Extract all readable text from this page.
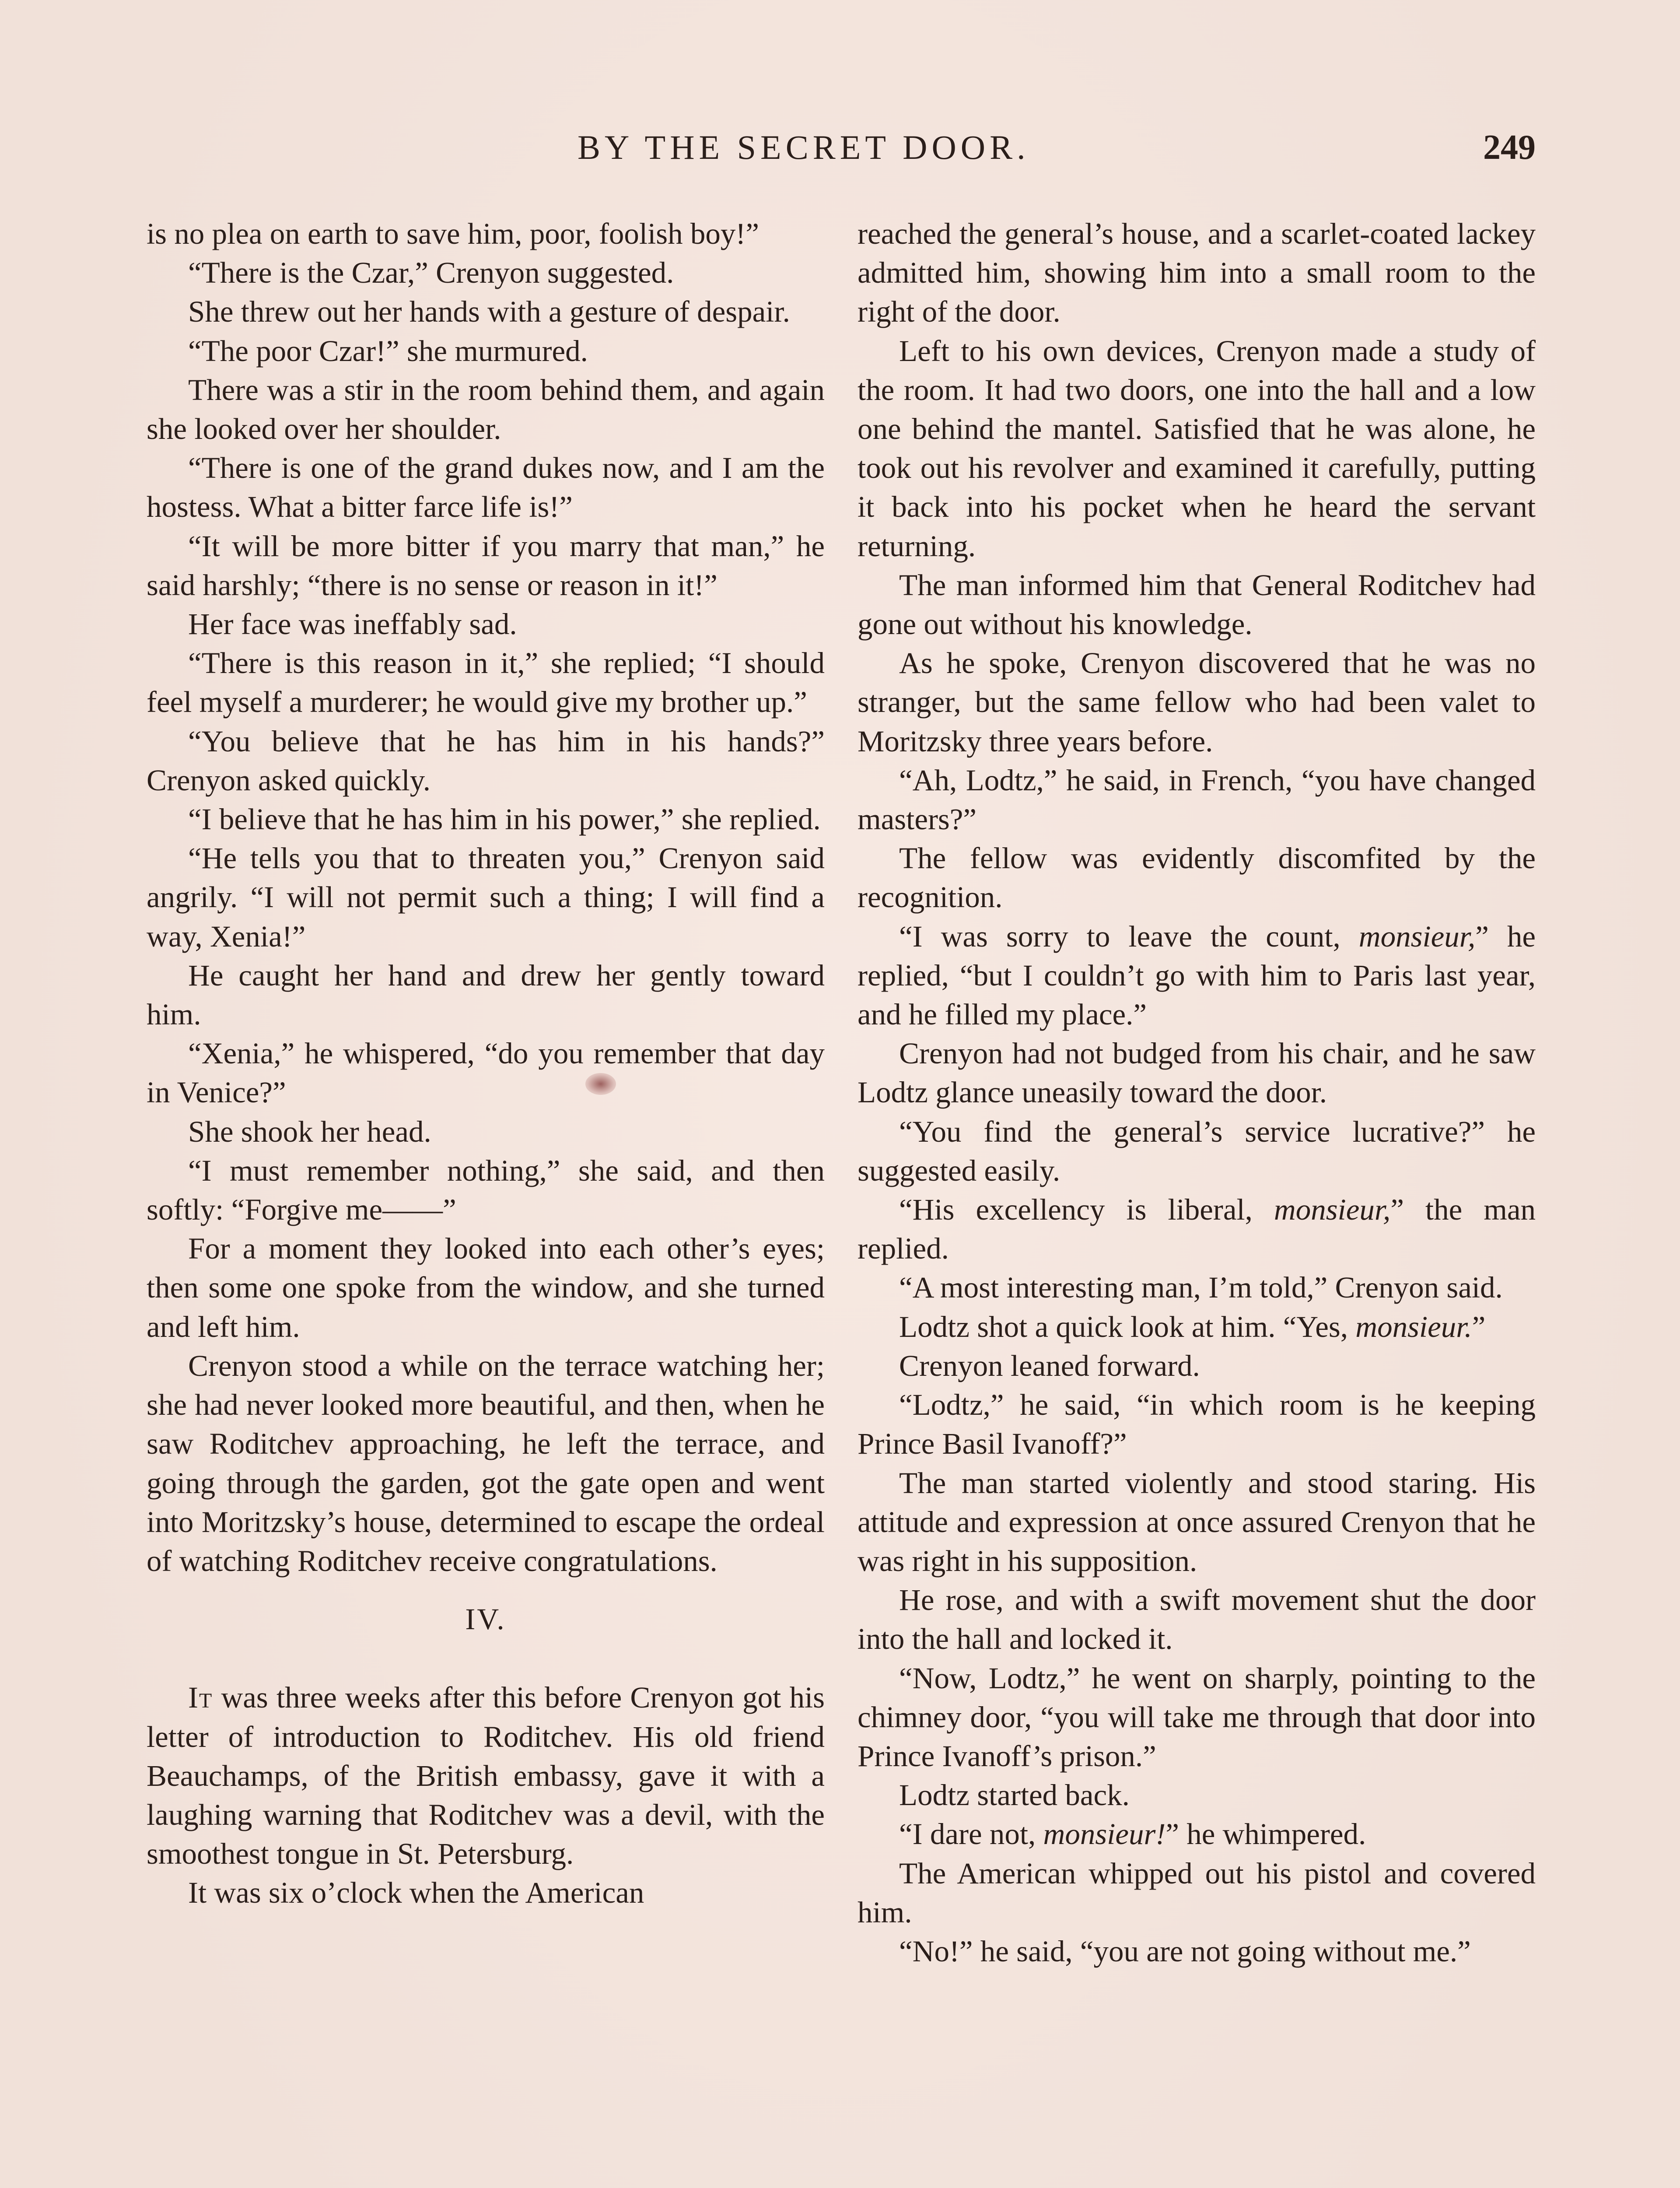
BY THE SECRET DOOR.	249

is no plea on earth to save him, poor, foolish boy!”

“There is the Czar,” Crenyon suggested.

She threw out her hands with a gesture of despair.

“The poor Czar!” she murmured.

There was a stir in the room behind them, and again she looked over her shoulder.

“There is one of the grand dukes now, and I am the hostess. What a bitter farce life is!”

“It will be more bitter if you marry that man,” he said harshly; “there is no sense or reason in it!”

Her face was ineffably sad.

“There is this reason in it,” she replied; “I should feel myself a murderer; he would give my brother up.”

“You believe that he has him in his hands?” Crenyon asked quickly.

“I believe that he has him in his power,” she replied.

“He tells you that to threaten you,” Crenyon said angrily. “I will not permit such a thing; I will find a way, Xenia!”

He caught her hand and drew her gently toward him.

“Xenia,” he whispered, “do you remember that day in Venice?”

She shook her head.

“I must remember nothing,” she said, and then softly: “Forgive me——”

For a moment they looked into each other’s eyes; then some one spoke from the window, and she turned and left him.

Crenyon stood a while on the terrace watching her; she had never looked more beautiful, and then, when he saw Roditchev approaching, he left the terrace, and going through the garden, got the gate open and went into Moritzsky’s house, determined to escape the ordeal of watching Roditchev receive congratulations.

IV.

It was three weeks after this before Crenyon got his letter of introduction to Roditchev. His old friend Beauchamps, of the British embassy, gave it with a laughing warning that Roditchev was a devil, with the smoothest tongue in St. Petersburg.

It was six o’clock when the American

reached the general’s house, and a scarlet-coated lackey admitted him, showing him into a small room to the right of the door.

Left to his own devices, Crenyon made a study of the room. It had two doors, one into the hall and a low one behind the mantel. Satisfied that he was alone, he took out his revolver and examined it carefully, putting it back into his pocket when he heard the servant returning.

The man informed him that General Roditchev had gone out without his knowledge.

As he spoke, Crenyon discovered that he was no stranger, but the same fellow who had been valet to Moritzsky three years before.

“Ah, Lodtz,” he said, in French, “you have changed masters?”

The fellow was evidently discomfited by the recognition.

“I was sorry to leave the count, monsieur,” he replied, “but I couldn’t go with him to Paris last year, and he filled my place.”

Crenyon had not budged from his chair, and he saw Lodtz glance uneasily toward the door.

“You find the general’s service lucrative?” he suggested easily.

“His excellency is liberal, monsieur,” the man replied.

“A most interesting man, I’m told,” Crenyon said.

Lodtz shot a quick look at him. “Yes, monsieur.”

Crenyon leaned forward.

“Lodtz,” he said, “in which room is he keeping Prince Basil Ivanoff?”

The man started violently and stood staring. His attitude and expression at once assured Crenyon that he was right in his supposition.

He rose, and with a swift movement shut the door into the hall and locked it.

“Now, Lodtz,” he went on sharply, pointing to the chimney door, “you will take me through that door into Prince Ivanoff’s prison.”

Lodtz started back.

“I dare not, monsieur!” he whimpered.

The American whipped out his pistol and covered him.

“No!” he said, “you are not going without me.”
